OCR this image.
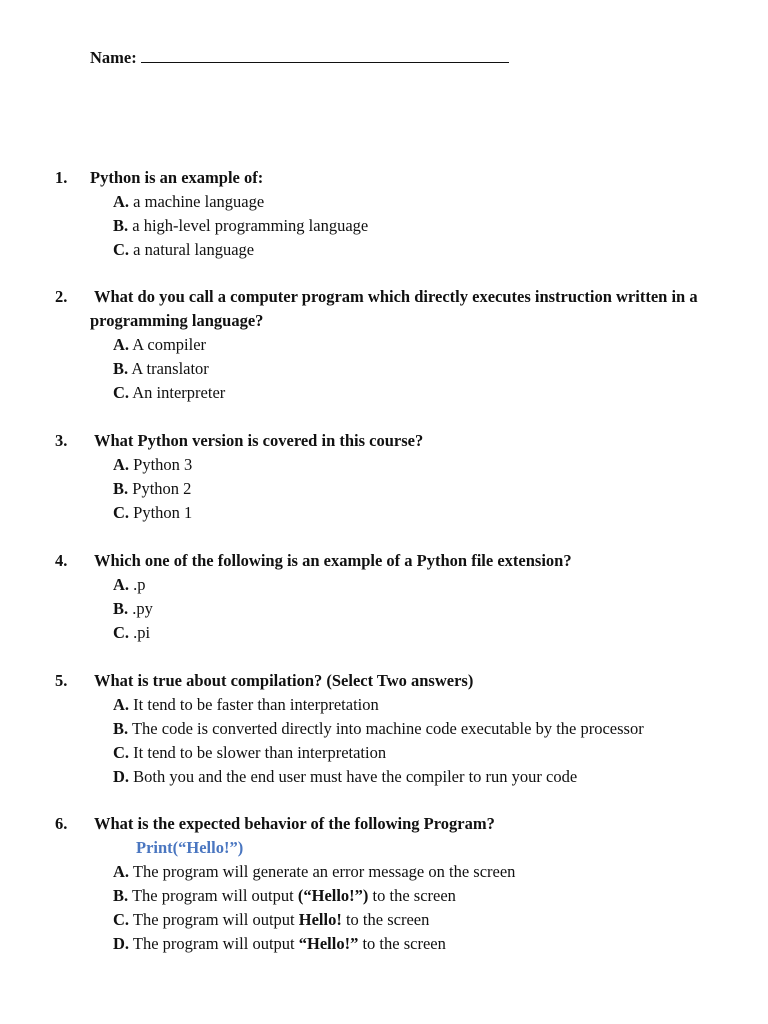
Name:
1. Python is an example of:
A. a machine language
B. a high-level programming language
C. a natural language
2. What do you call a computer program which directly executes instruction written in a programming language?
A. A compiler
B. A translator
C. An interpreter
3. What Python version is covered in this course?
A. Python 3
B. Python 2
C. Python 1
4. Which one of the following is an example of a Python file extension?
A. .p
B. .py
C. .pi
5. What is true about compilation? (Select Two answers)
A. It tend to be faster than interpretation
B. The code is converted directly into machine code executable by the processor
C. It tend to be slower than interpretation
D. Both you and the end user must have the compiler to run your code
6. What is the expected behavior of the following Program?
Print(“Hello!”)
A. The program will generate an error message on the screen
B. The program will output (“Hello!”) to the screen
C. The program will output Hello! to the screen
D. The program will output “Hello!” to the screen
